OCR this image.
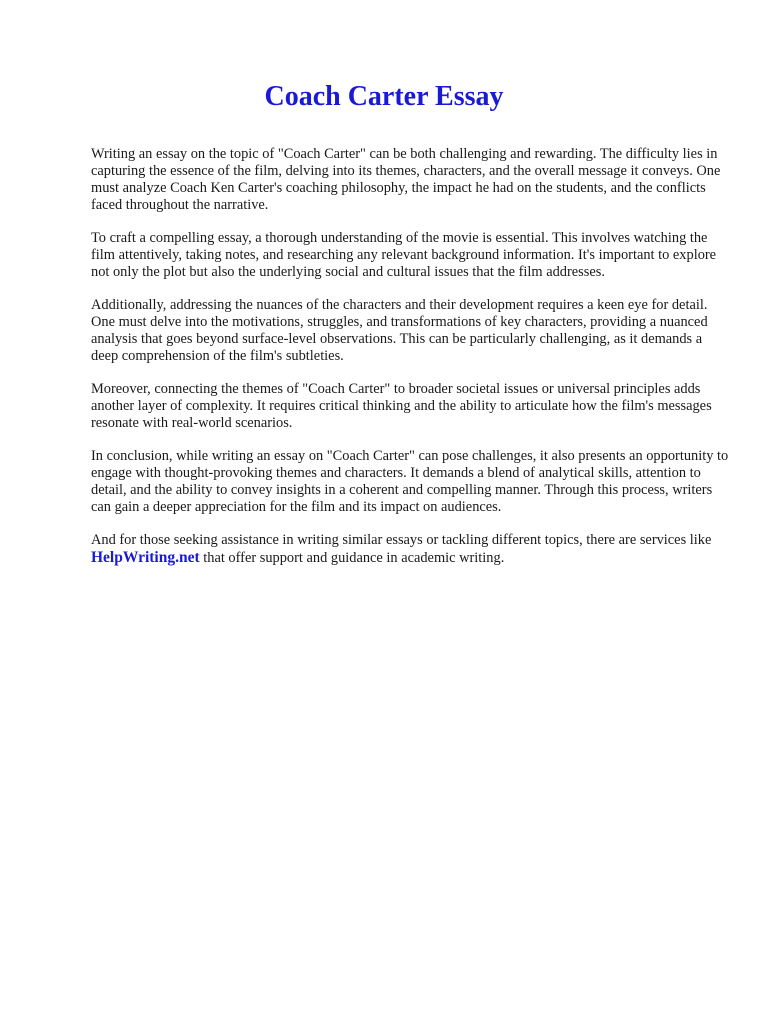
Coach Carter Essay

Writing an essay on the topic of "Coach Carter" can be both challenging and rewarding. The difficulty lies in capturing the essence of the film, delving into its themes, characters, and the overall message it conveys. One must analyze Coach Ken Carter's coaching philosophy, the impact he had on the students, and the conflicts faced throughout the narrative.

To craft a compelling essay, a thorough understanding of the movie is essential. This involves watching the film attentively, taking notes, and researching any relevant background information. It's important to explore not only the plot but also the underlying social and cultural issues that the film addresses.

Additionally, addressing the nuances of the characters and their development requires a keen eye for detail. One must delve into the motivations, struggles, and transformations of key characters, providing a nuanced analysis that goes beyond surface-level observations. This can be particularly challenging, as it demands a deep comprehension of the film's subtleties.

Moreover, connecting the themes of "Coach Carter" to broader societal issues or universal principles adds another layer of complexity. It requires critical thinking and the ability to articulate how the film's messages resonate with real-world scenarios.

In conclusion, while writing an essay on "Coach Carter" can pose challenges, it also presents an opportunity to engage with thought-provoking themes and characters. It demands a blend of analytical skills, attention to detail, and the ability to convey insights in a coherent and compelling manner. Through this process, writers can gain a deeper appreciation for the film and its impact on audiences.

And for those seeking assistance in writing similar essays or tackling different topics, there are services like HelpWriting.net that offer support and guidance in academic writing.
